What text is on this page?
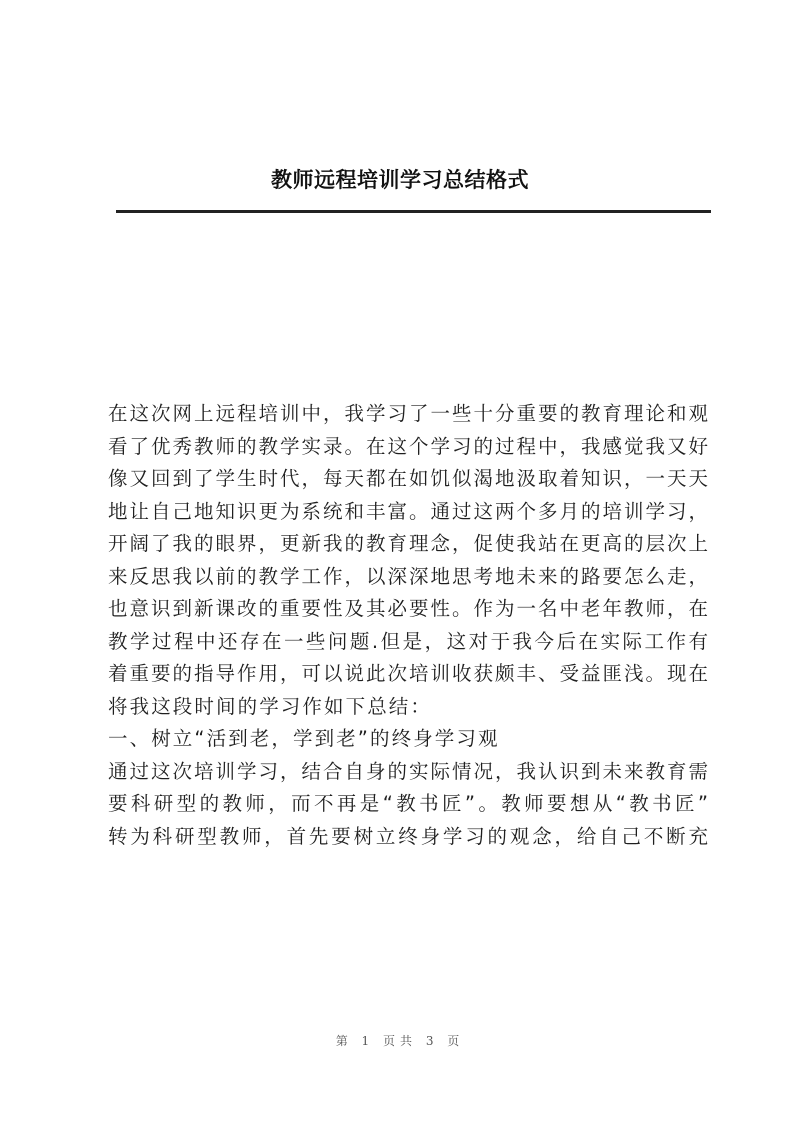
教师远程培训学习总结格式
在这次网上远程培训中，我学习了一些十分重要的教育理论和观
看了优秀教师的教学实录。在这个学习的过程中，我感觉我又好
像又回到了学生时代，每天都在如饥似渴地汲取着知识，一天天
地让自己地知识更为系统和丰富。通过这两个多月的培训学习，
开阔了我的眼界，更新我的教育理念，促使我站在更高的层次上
来反思我以前的教学工作，以深深地思考地未来的路要怎么走，
也意识到新课改的重要性及其必要性。作为一名中老年教师，在
教学过程中还存在一些问题.但是，这对于我今后在实际工作有
着重要的指导作用，可以说此次培训收获颇丰、受益匪浅。现在
将我这段时间的学习作如下总结：
一、树立“活到老，学到老”的终身学习观
通过这次培训学习，结合自身的实际情况，我认识到未来教育需
要科研型的教师，而不再是“教书匠”。教师要想从“教书匠”
转为科研型教师，首先要树立终身学习的观念，给自己不断充
第 1 页共 3 页
